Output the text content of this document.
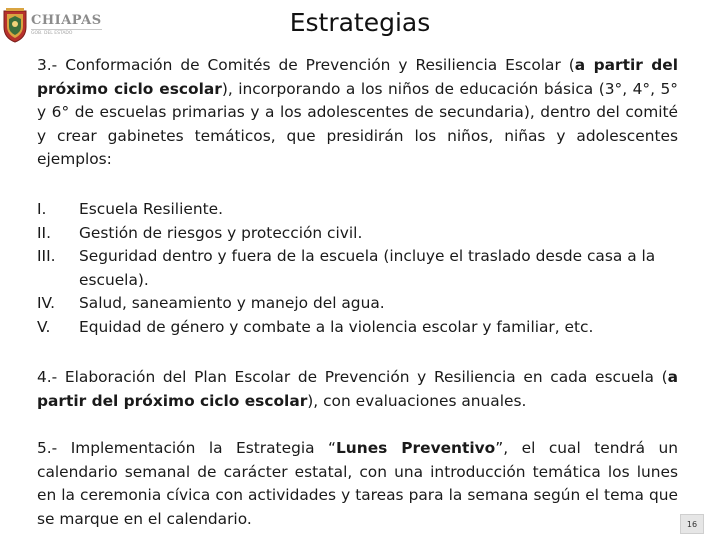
CHIAPAS
GOB. DEL ESTADO	Estrategias

3.- Conformación de Comités de Prevención y Resiliencia Escolar (a partir del próximo ciclo escolar), incorporando a los niños de educación básica (3°, 4°, 5° y 6° de escuelas primarias y a los adolescentes de secundaria), dentro del comité y crear gabinetes temáticos, que presidirán los niños, niñas y adolescentes ejemplos:

I.	Escuela Resiliente.
II.	Gestión de riesgos y protección civil.
III.	Seguridad dentro y fuera de la escuela (incluye el traslado desde casa a la escuela).
IV.	Salud, saneamiento y manejo del agua.
V.	Equidad de género y combate a la violencia escolar y familiar, etc.

4.- Elaboración del Plan Escolar de Prevención y Resiliencia en cada escuela (a partir del próximo ciclo escolar), con evaluaciones anuales.

5.- Implementación la Estrategia “Lunes Preventivo”, el cual tendrá un calendario semanal de carácter estatal, con una introducción temática los lunes en la ceremonia cívica con actividades y tareas para la semana según el tema que se marque en el calendario.	16
